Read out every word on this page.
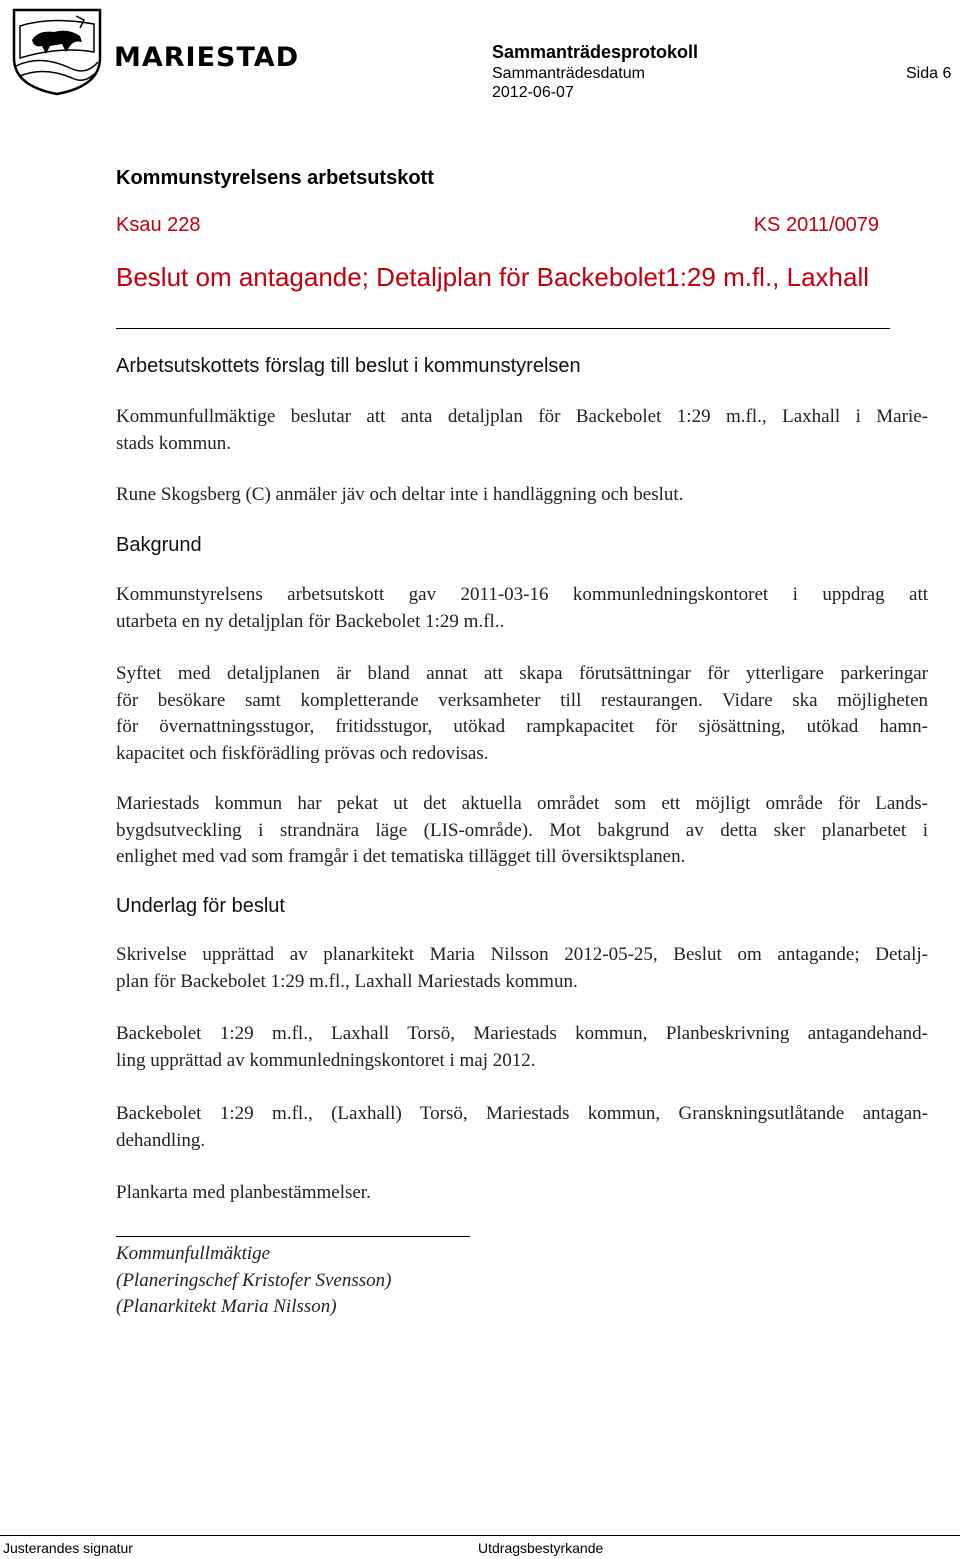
MARIESTAD	Sammanträdesprotokoll
Sammanträdesdatum
2012-06-07
Sida 6
Kommunstyrelsens arbetsutskott
Ksau 228	KS 2011/0079
Beslut om antagande; Detaljplan för Backebolet1:29 m.fl., Laxhall
Arbetsutskottets förslag till beslut i kommunstyrelsen
Kommunfullmäktige beslutar att anta detaljplan för Backebolet 1:29 m.fl., Laxhall i Marie-
stads kommun.
Rune Skogsberg (C) anmäler jäv och deltar inte i handläggning och beslut.
Bakgrund
Kommunstyrelsens arbetsutskott gav 2011-03-16 kommunledningskontoret i uppdrag att
utarbeta en ny detaljplan för Backebolet 1:29 m.fl..
Syftet med detaljplanen är bland annat att skapa förutsättningar för ytterligare parkeringar
för besökare samt kompletterande verksamheter till restaurangen. Vidare ska möjligheten
för övernattningsstugor, fritidsstugor, utökad rampkapacitet för sjösättning, utökad hamn-
kapacitet och fiskförädling prövas och redovisas.
Mariestads kommun har pekat ut det aktuella området som ett möjligt område för Lands-
bygdsutveckling i strandnära läge (LIS-område). Mot bakgrund av detta sker planarbetet i
enlighet med vad som framgår i det tematiska tillägget till översiktsplanen.
Underlag för beslut
Skrivelse upprättad av planarkitekt Maria Nilsson 2012-05-25, Beslut om antagande; Detalj-
plan för Backebolet 1:29 m.fl., Laxhall Mariestads kommun.
Backebolet 1:29 m.fl., Laxhall Torsö, Mariestads kommun, Planbeskrivning antagandehand-
ling upprättad av kommunledningskontoret i maj 2012.
Backebolet 1:29 m.fl., (Laxhall) Torsö, Mariestads kommun, Granskningsutlåtande antagan-
dehandling.
Plankarta med planbestämmelser.
Kommunfullmäktige
(Planeringschef Kristofer Svensson)
(Planarkitekt Maria Nilsson)
Justerandes signatur	Utdragsbestyrkande
